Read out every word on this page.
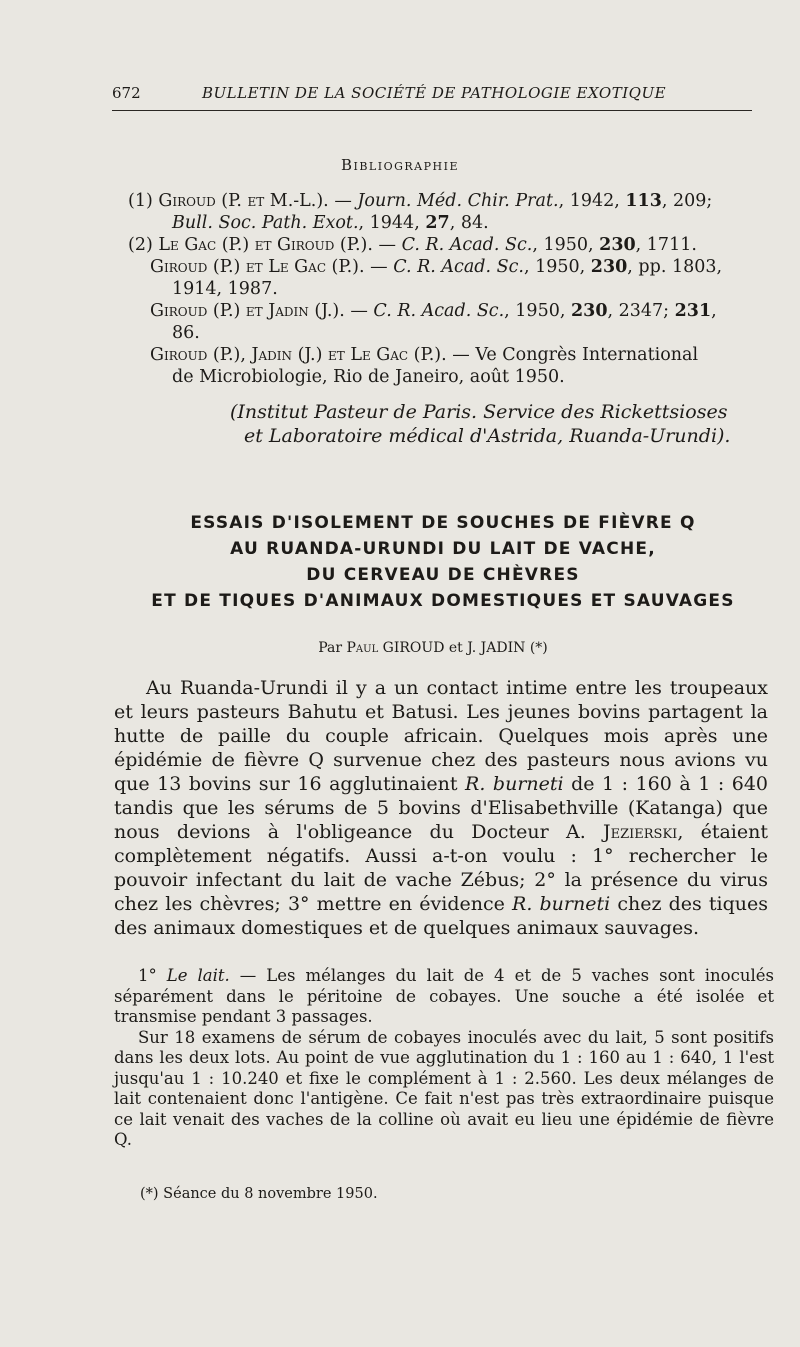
672	BULLETIN DE LA SOCIÉTÉ DE PATHOLOGIE EXOTIQUE
Bibliographie

(1) Giroud (P. et M.-L.). — Journ. Méd. Chir. Prat., 1942, 113, 209;

Bull. Soc. Path. Exot., 1944, 27, 84.

(2) Le Gac (P.) et Giroud (P.). — C. R. Acad. Sc., 1950, 230, 1711.

Giroud (P.) et Le Gac (P.). — C. R. Acad. Sc., 1950, 230, pp. 1803,

1914, 1987.

Giroud (P.) et Jadin (J.). — C. R. Acad. Sc., 1950, 230, 2347; 231,

86.

Giroud (P.), Jadin (J.) et Le Gac (P.). — Ve Congrès International

de Microbiologie, Rio de Janeiro, août 1950.

(Institut Pasteur de Paris. Service des Rickettsioses

et Laboratoire médical d'Astrida, Ruanda-Urundi).

ESSAIS D'ISOLEMENT DE SOUCHES DE FIÈVRE Q

AU RUANDA-URUNDI DU LAIT DE VACHE,

DU CERVEAU DE CHÈVRES

ET DE TIQUES D'ANIMAUX DOMESTIQUES ET SAUVAGES

Par Paul GIROUD et J. JADIN (*)

Au Ruanda-Urundi il y a un contact intime entre les troupeaux et leurs pasteurs Bahutu et Batusi. Les jeunes bovins partagent la hutte de paille du couple africain. Quelques mois après une épidémie de fièvre Q survenue chez des pasteurs nous avions vu que 13 bovins sur 16 agglutinaient R. burneti de 1 : 160 à 1 : 640 tandis que les sérums de 5 bovins d'Elisabethville (Katanga) que nous devions à l'obligeance du Docteur A. Jezierski, étaient complètement négatifs. Aussi a-t-on voulu : 1° rechercher le pouvoir infectant du lait de vache Zébus; 2° la présence du virus chez les chèvres; 3° mettre en évidence R. burneti chez des tiques des animaux domestiques et de quelques animaux sauvages.

1° Le lait. — Les mélanges du lait de 4 et de 5 vaches sont inoculés séparément dans le péritoine de cobayes. Une souche a été isolée et transmise pendant 3 passages.

Sur 18 examens de sérum de cobayes inoculés avec du lait, 5 sont positifs dans les deux lots. Au point de vue agglutination du 1 : 160 au 1 : 640, 1 l'est jusqu'au 1 : 10.240 et fixe le complément à 1 : 2.560. Les deux mélanges de lait contenaient donc l'antigène. Ce fait n'est pas très extraordinaire puisque ce lait venait des vaches de la colline où avait eu lieu une épidémie de fièvre Q.

(*) Séance du 8 novembre 1950.
